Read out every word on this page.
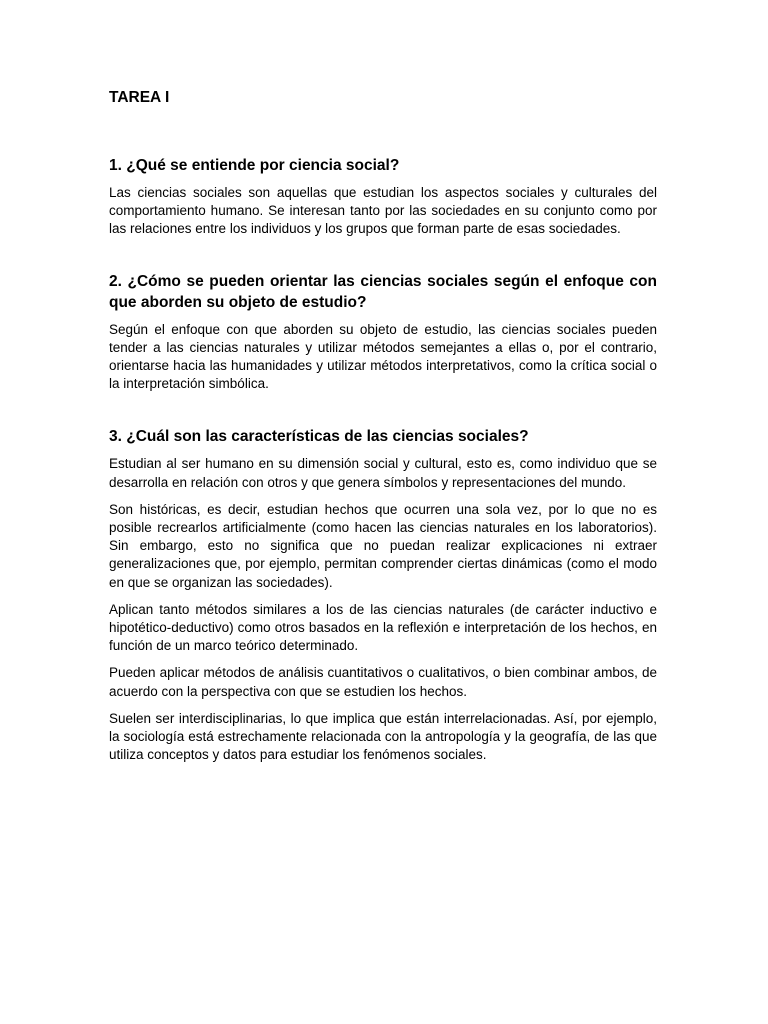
TAREA I
1. ¿Qué se entiende por ciencia social?

Las ciencias sociales son aquellas que estudian los aspectos sociales y culturales del comportamiento humano. Se interesan tanto por las sociedades en su conjunto como por las relaciones entre los individuos y los grupos que forman parte de esas sociedades.

2. ¿Cómo se pueden orientar las ciencias sociales según el enfoque con que aborden su objeto de estudio?

Según el enfoque con que aborden su objeto de estudio, las ciencias sociales pueden tender a las ciencias naturales y utilizar métodos semejantes a ellas o, por el contrario, orientarse hacia las humanidades y utilizar métodos interpretativos, como la crítica social o la interpretación simbólica.

3. ¿Cuál son las características de las ciencias sociales?

Estudian al ser humano en su dimensión social y cultural, esto es, como individuo que se desarrolla en relación con otros y que genera símbolos y representaciones del mundo.

Son históricas, es decir, estudian hechos que ocurren una sola vez, por lo que no es posible recrearlos artificialmente (como hacen las ciencias naturales en los laboratorios). Sin embargo, esto no significa que no puedan realizar explicaciones ni extraer generalizaciones que, por ejemplo, permitan comprender ciertas dinámicas (como el modo en que se organizan las sociedades).

Aplican tanto métodos similares a los de las ciencias naturales (de carácter inductivo e hipotético-deductivo) como otros basados en la reflexión e interpretación de los hechos, en función de un marco teórico determinado.

Pueden aplicar métodos de análisis cuantitativos o cualitativos, o bien combinar ambos, de acuerdo con la perspectiva con que se estudien los hechos.

Suelen ser interdisciplinarias, lo que implica que están interrelacionadas. Así, por ejemplo, la sociología está estrechamente relacionada con la antropología y la geografía, de las que utiliza conceptos y datos para estudiar los fenómenos sociales.
